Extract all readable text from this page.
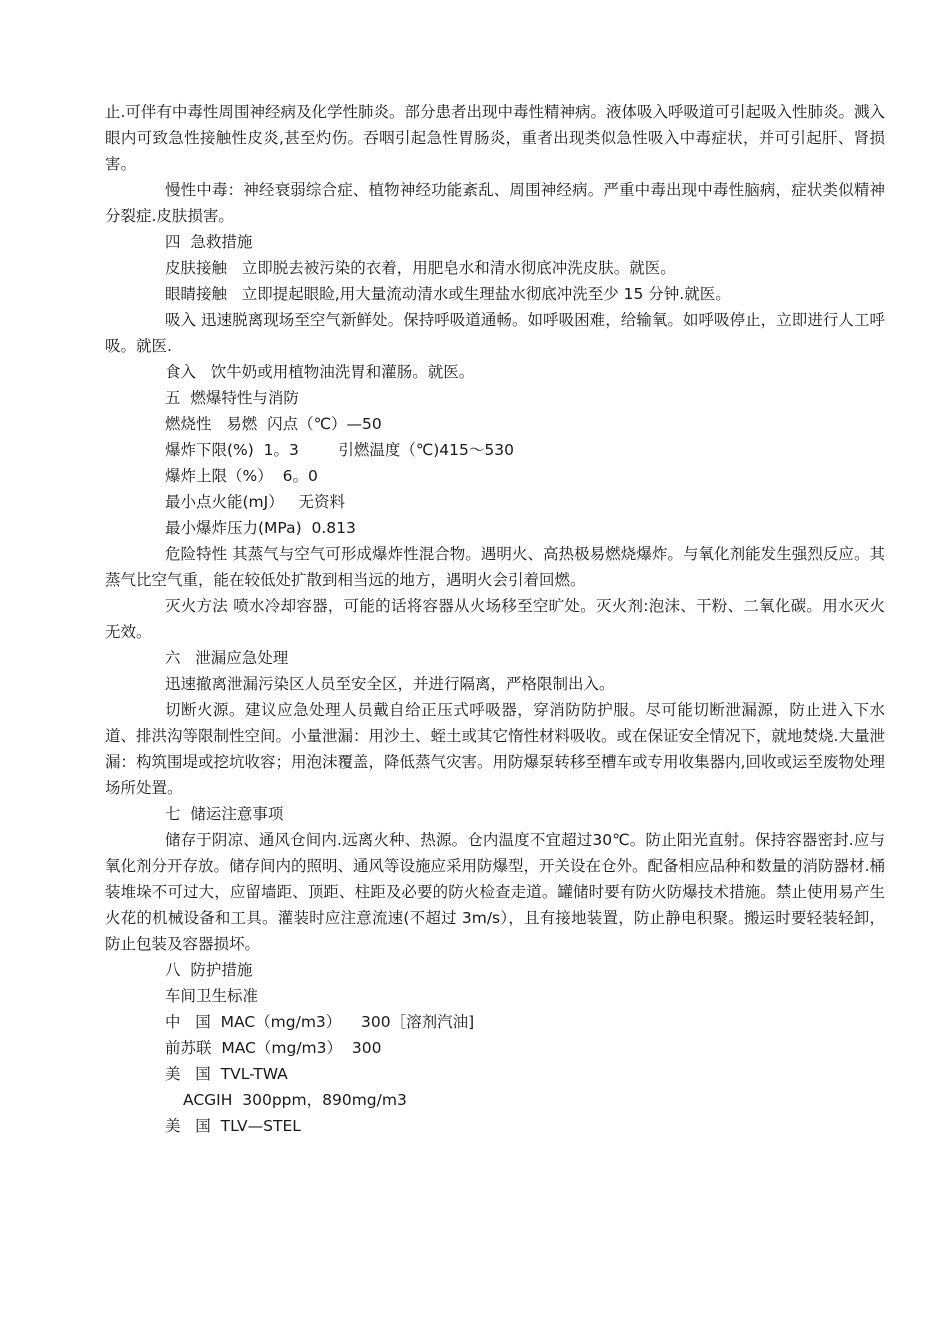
止.可伴有中毒性周围神经病及化学性肺炎。部分患者出现中毒性精神病。液体吸入呼吸道可引起吸入性肺炎。溅入眼内可致急性接触性皮炎,甚至灼伤。吞咽引起急性胃肠炎，重者出现类似急性吸入中毒症状，并可引起肝、肾损害。

慢性中毒：神经衰弱综合症、植物神经功能紊乱、周围神经病。严重中毒出现中毒性脑病，症状类似精神分裂症.皮肤损害。

四  急救措施

皮肤接触   立即脱去被污染的衣着，用肥皂水和清水彻底冲洗皮肤。就医。

眼睛接触   立即提起眼睑,用大量流动清水或生理盐水彻底冲洗至少 15 分钟.就医。

吸入 迅速脱离现场至空气新鲜处。保持呼吸道通畅。如呼吸困难，给输氧。如呼吸停止，立即进行人工呼吸。就医.

食入   饮牛奶或用植物油洗胃和灌肠。就医。

五  燃爆特性与消防

燃烧性   易燃  闪点（℃）—50

爆炸下限(%)  1。3        引燃温度（℃)415～530

爆炸上限（%）  6。0

最小点火能(mJ）   无资料

最小爆炸压力(MPa)  0.813

危险特性 其蒸气与空气可形成爆炸性混合物。遇明火、高热极易燃烧爆炸。与氧化剂能发生强烈反应。其蒸气比空气重，能在较低处扩散到相当远的地方，遇明火会引着回燃。

灭火方法 喷水冷却容器，可能的话将容器从火场移至空旷处。灭火剂:泡沫、干粉、二氧化碳。用水灭火无效。

六   泄漏应急处理

迅速撤离泄漏污染区人员至安全区，并进行隔离，严格限制出入。

切断火源。建议应急处理人员戴自给正压式呼吸器，穿消防防护服。尽可能切断泄漏源，防止进入下水道、排洪沟等限制性空间。小量泄漏：用沙土、蛭土或其它惰性材料吸收。或在保证安全情况下，就地焚烧.大量泄漏：构筑围堤或挖坑收容；用泡沫覆盖，降低蒸气灾害。用防爆泵转移至槽车或专用收集器内,回收或运至废物处理场所处置。

七  储运注意事项

储存于阴凉、通风仓间内.远离火种、热源。仓内温度不宜超过30℃。防止阳光直射。保持容器密封.应与氧化剂分开存放。储存间内的照明、通风等设施应采用防爆型，开关设在仓外。配备相应品种和数量的消防器材.桶装堆垛不可过大，应留墙距、顶距、柱距及必要的防火检查走道。罐储时要有防火防爆技术措施。禁止使用易产生火花的机械设备和工具。灌装时应注意流速(不超过 3m/s），且有接地装置，防止静电积聚。搬运时要轻装轻卸，防止包装及容器损坏。

八  防护措施

车间卫生标准

中   国  MAC（mg/m3）    300［溶剂汽油]

前苏联  MAC（mg/m3）  300

美   国  TVL-TWA

ACGIH  300ppm，890mg/m3

美   国  TLV—STEL
